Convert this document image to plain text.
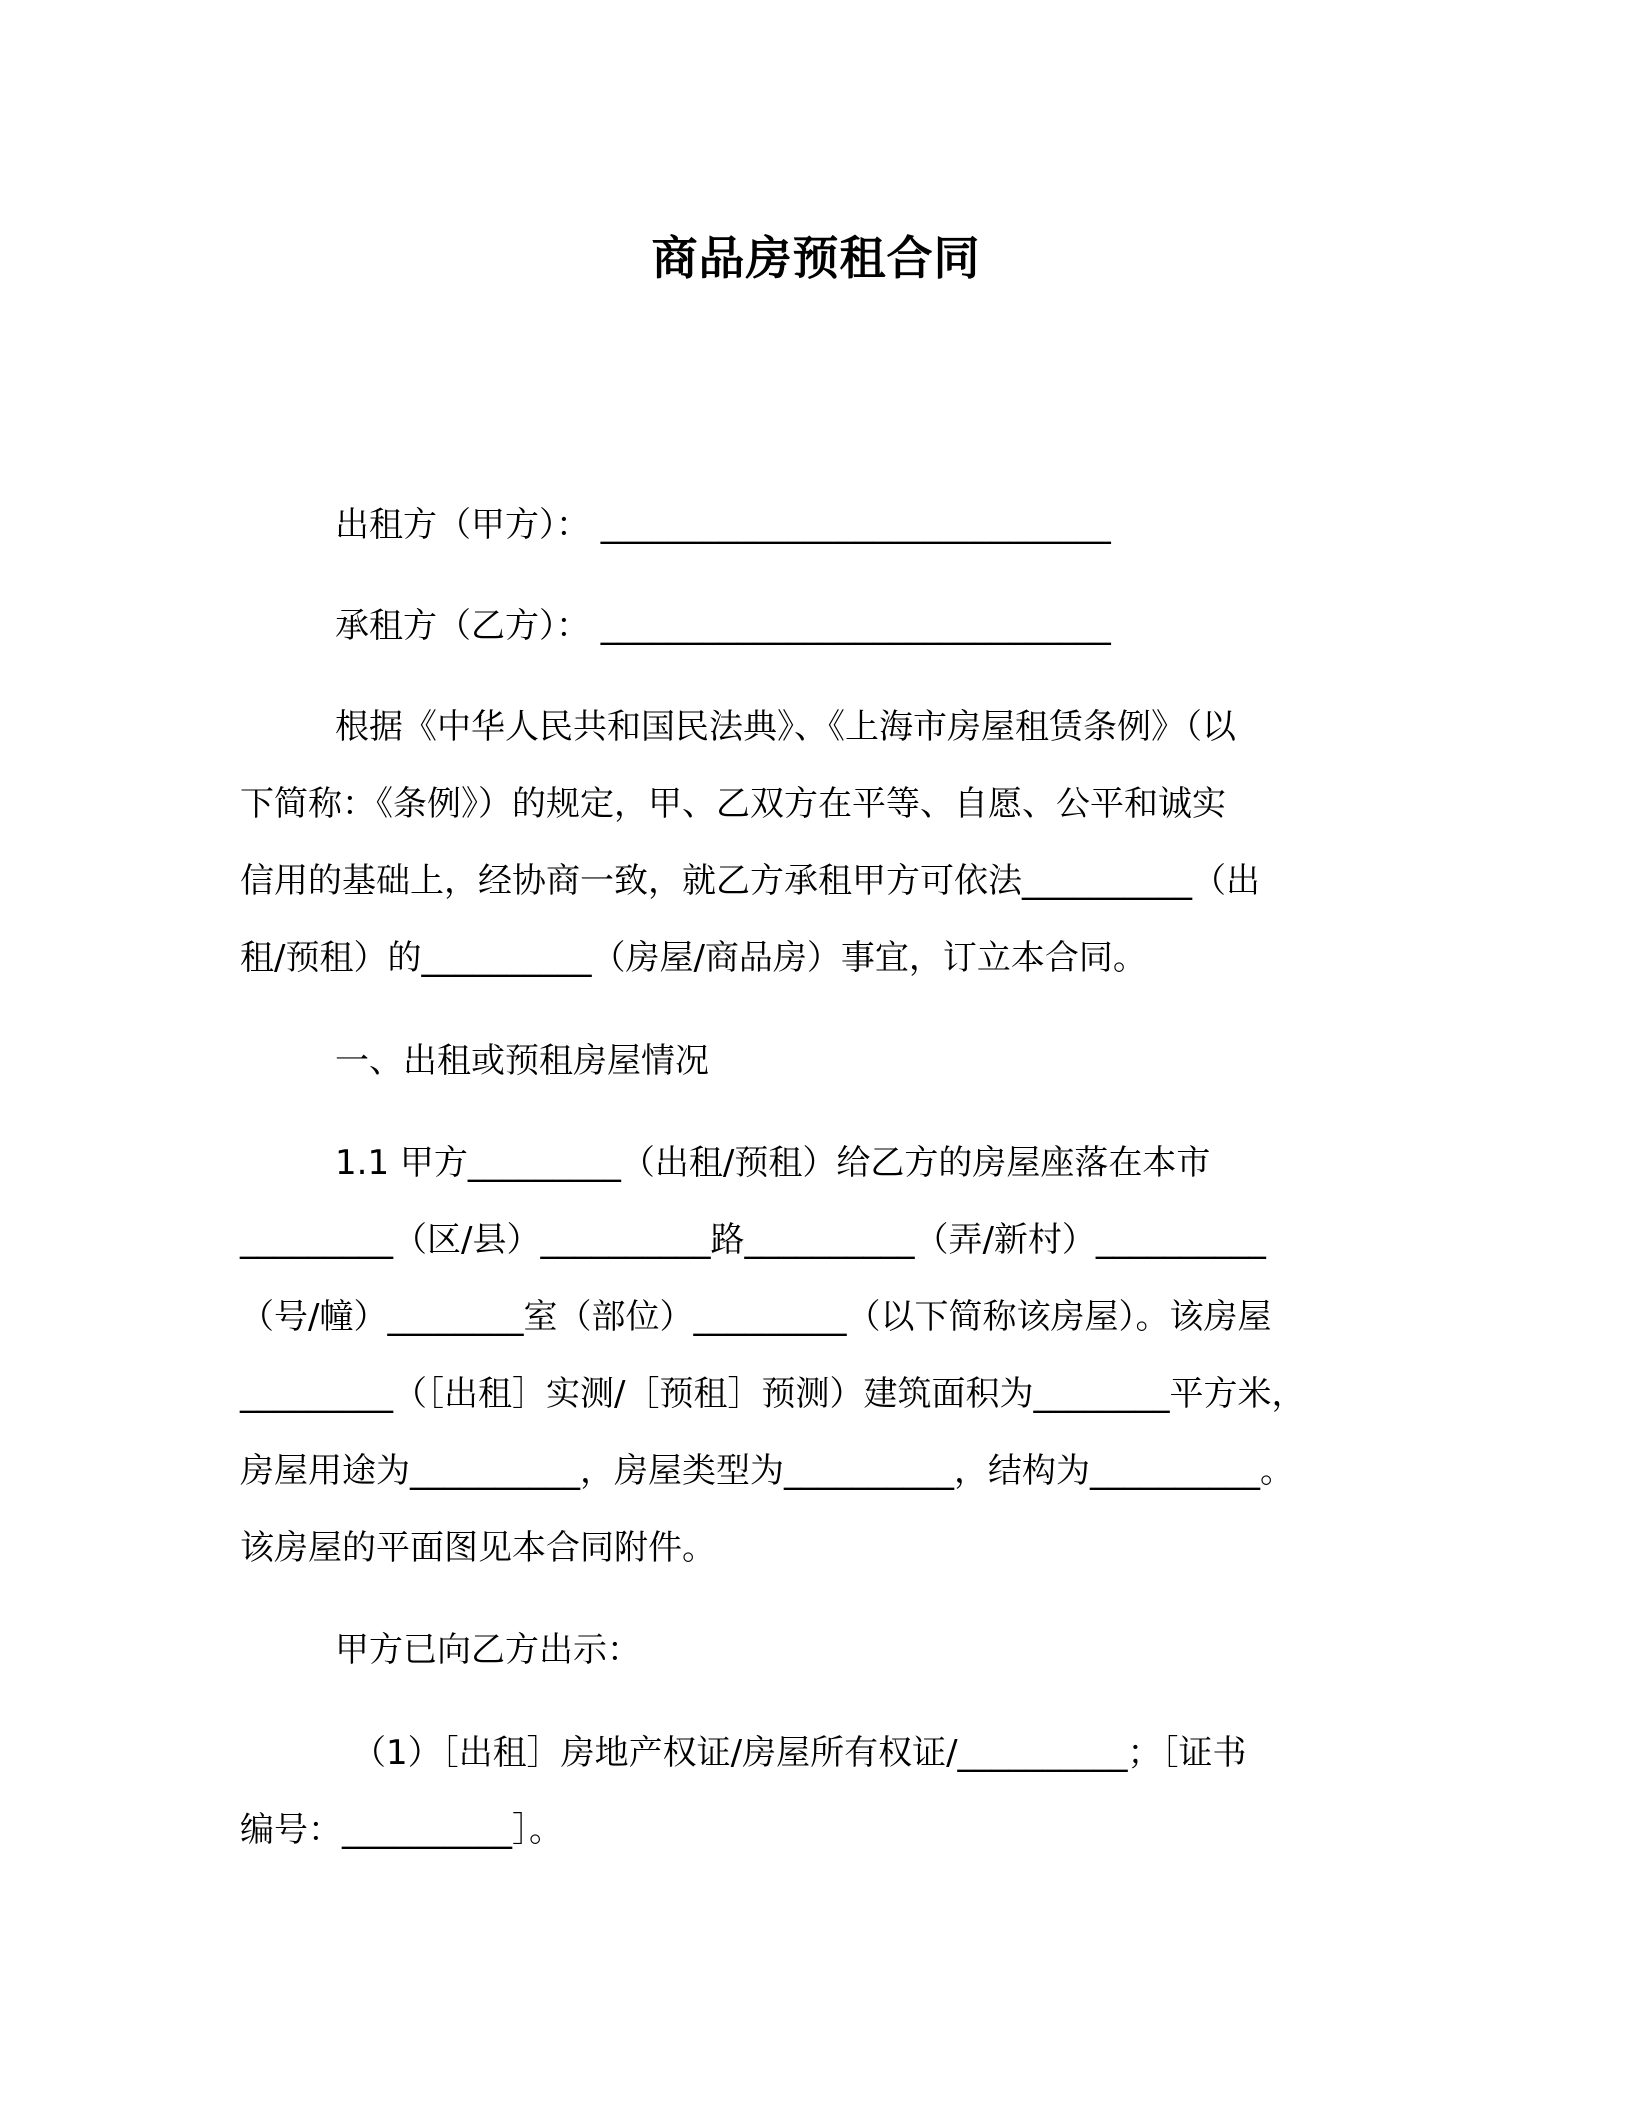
商品房预租合同
出租方（甲方）： ______________________________
承租方（乙方）： ______________________________
根据《中华人民共和国民法典》、《上海市房屋租赁条例》（以
下简称：《条例》）的规定，甲、乙双方在平等、自愿、公平和诚实
信用的基础上，经协商一致，就乙方承租甲方可依法__________（出
租/预租）的__________（房屋/商品房）事宜，订立本合同。
一、出租或预租房屋情况
1.1 甲方_________（出租/预租）给乙方的房屋座落在本市
_________（区/县）__________路__________（弄/新村）__________
（号/幢）________室（部位）_________（以下简称该房屋）。该房屋
_________（［出租］实测/［预租］预测）建筑面积为________平方米，
房屋用途为__________，房屋类型为__________，结构为__________。
该房屋的平面图见本合同附件。
甲方已向乙方出示：
（1）［出租］房地产权证/房屋所有权证/__________；［证书
编号：__________］。
